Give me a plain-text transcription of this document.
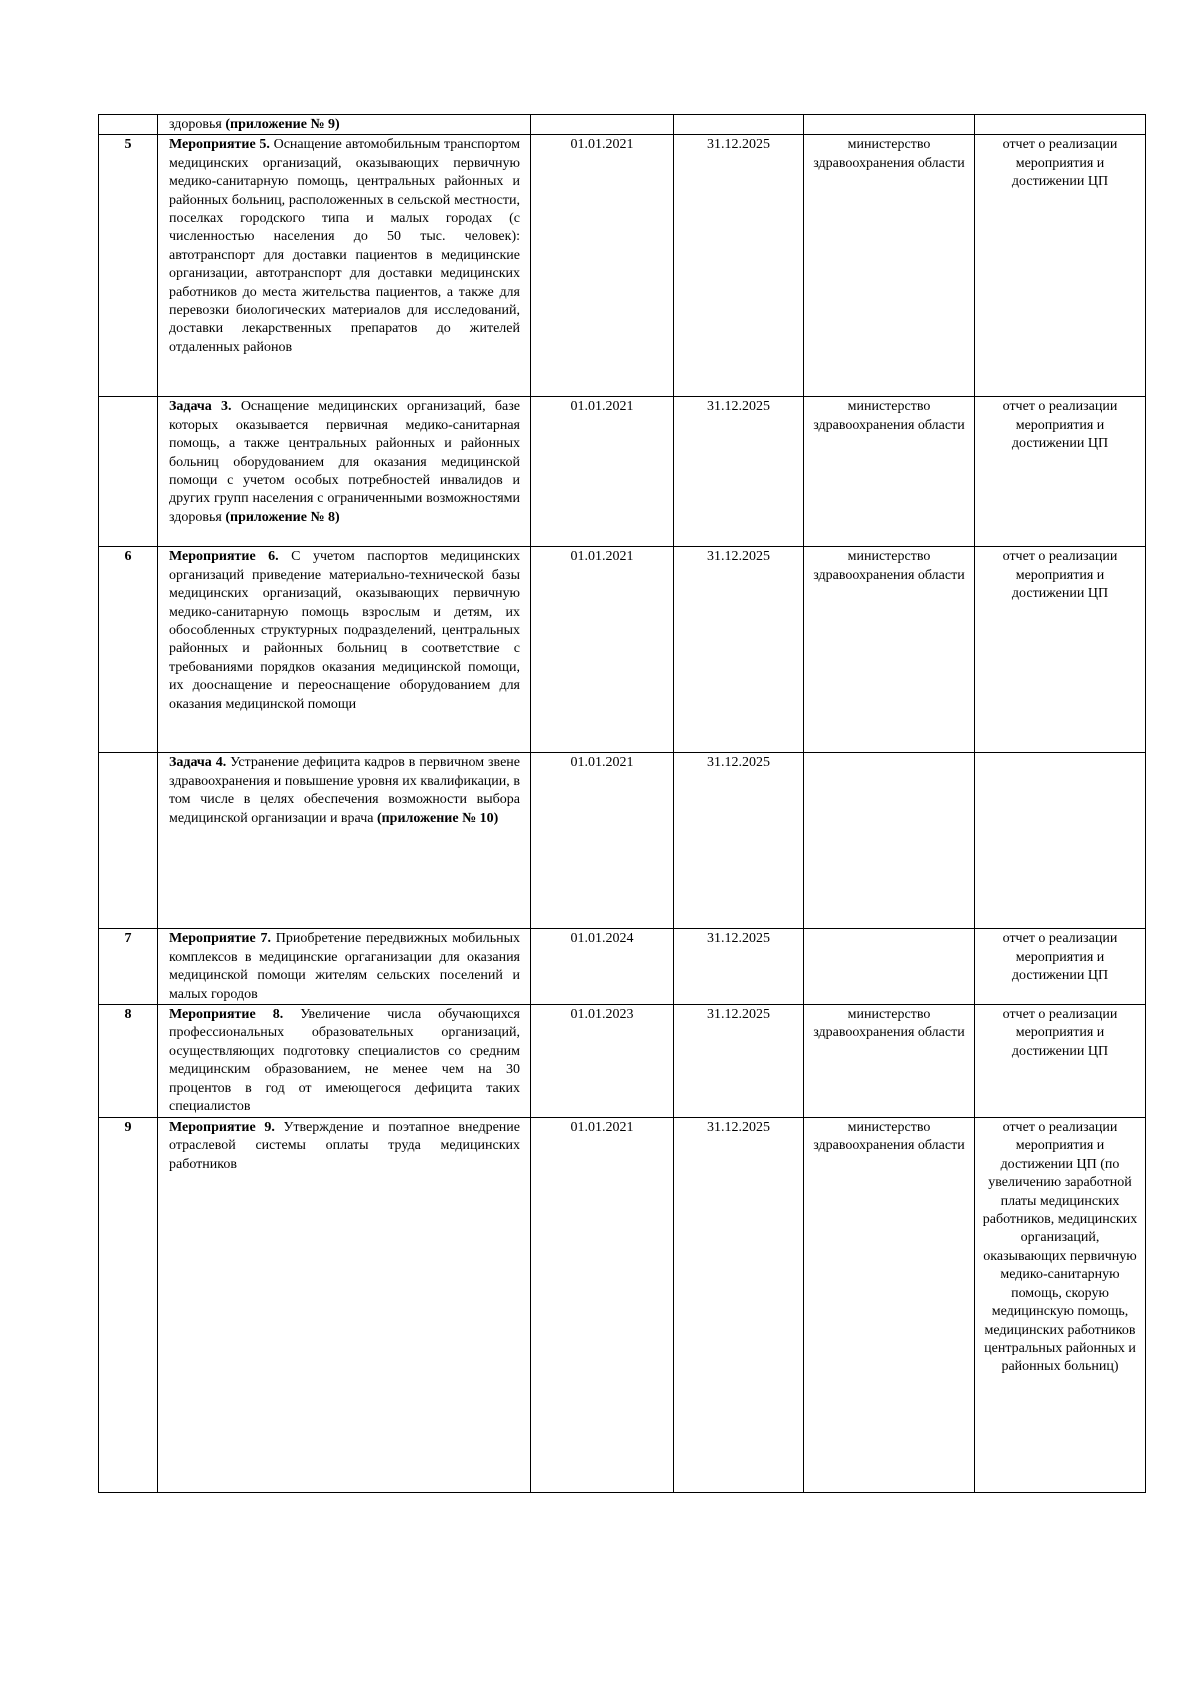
	здоровья (приложение № 9)				
5	Мероприятие 5. Оснащение автомобильным транспортом медицинских организаций, оказывающих первичную медико-санитарную помощь, центральных районных и районных больниц, расположенных в сельской местности, поселках городского типа и малых городах (с численностью населения до 50 тыс. человек): автотранспорт для доставки пациентов в медицинские организации, автотранспорт для доставки медицинских работников до места жительства пациентов, а также для перевозки биологических материалов для исследований, доставки лекарственных препаратов до жителей отдаленных районов	01.01.2021	31.12.2025	министерство здравоохранения области	отчет о реализации мероприятия и достижении ЦП
	Задача 3. Оснащение медицинских организаций, базе которых оказывается первичная медико-санитарная помощь, а также центральных районных и районных больниц оборудованием для оказания медицинской помощи с учетом особых потребностей инвалидов и других групп населения с ограниченными возможностями здоровья (приложение № 8)	01.01.2021	31.12.2025	министерство здравоохранения области	отчет о реализации мероприятия и достижении ЦП
6	Мероприятие 6. С учетом паспортов медицинских организаций приведение материально-технической базы медицинских организаций, оказывающих первичную медико-санитарную помощь взрослым и детям, их обособленных структурных подразделений, центральных районных и районных больниц в соответствие с требованиями порядков оказания медицинской помощи, их дооснащение и переоснащение оборудованием для оказания медицинской помощи	01.01.2021	31.12.2025	министерство здравоохранения области	отчет о реализации мероприятия и достижении ЦП
	Задача 4. Устранение дефицита кадров в первичном звене здравоохранения и повышение уровня их квалификации, в том числе в целях обеспечения возможности выбора медицинской организации и врача (приложение № 10)	01.01.2021	31.12.2025		
7	Мероприятие 7. Приобретение передвижных мобильных комплексов в медицинские оргаганизации для оказания медицинской помощи жителям сельских поселений и малых городов	01.01.2024	31.12.2025		отчет о реализации мероприятия и достижении ЦП
8	Мероприятие 8. Увеличение числа обучающихся профессиональных образовательных организаций, осуществляющих подготовку специалистов со средним медицинским образованием, не менее чем на 30 процентов в год от имеющегося дефицита таких специалистов	01.01.2023	31.12.2025	министерство здравоохранения области	отчет о реализации мероприятия и достижении ЦП
9	Мероприятие 9. Утверждение и поэтапное внедрение отраслевой системы оплаты труда медицинских работников	01.01.2021	31.12.2025	министерство здравоохранения области	отчет о реализации мероприятия и достижении ЦП (по увеличению заработной платы медицинских работников, медицинских организаций, оказывающих первичную медико-санитарную помощь, скорую медицинскую помощь, медицинских работников центральных районных и районных больниц)
